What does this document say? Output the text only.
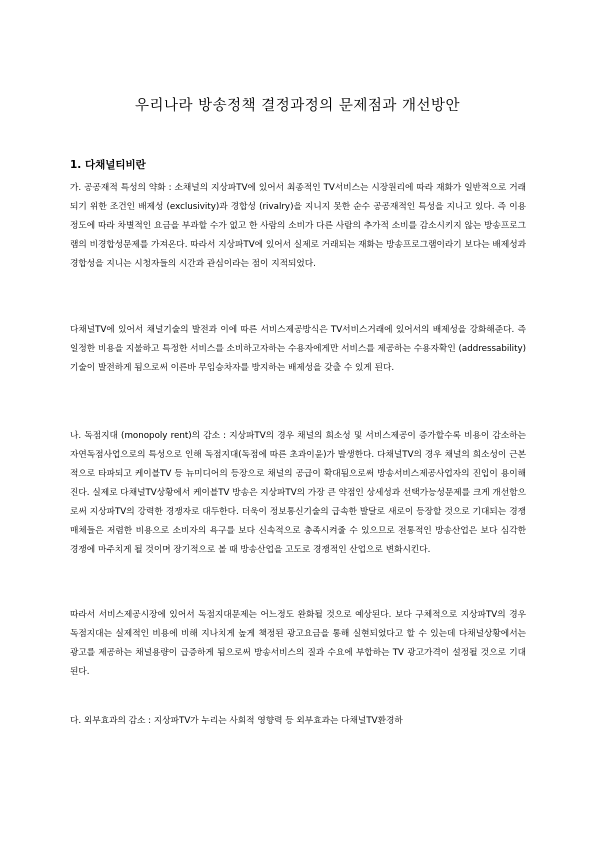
우리나라 방송정책 결정과정의 문제점과 개선방안
1. 다채널티비란

가. 공공재적 특성의 약화 : 소채널의 지상파TV에 있어서 최종적인 TV서비스는 시장원리에 따라 재화가 일반적으로 거래되기 위한 조건인 배제성 (exclusivity)과 경합성 (rivalry)을 지니지 못한 순수 공공재적인 특성을 지니고 있다. 즉 이용정도에 따라 차별적인 요금을 부과할 수가 없고 한 사람의 소비가 다른 사람의 추가적 소비를 감소시키지 않는 방송프로그램의 비경합성문제를 가져온다. 따라서 지상파TV에 있어서 실제로 거래되는 재화는 방송프로그램이라기 보다는 배제성과 경합성을 지니는 시청자들의 시간과 관심이라는 점이 지적되었다.

다채널TV에 있어서 채널기술의 발전과 이에 따른 서비스제공방식은 TV서비스거래에 있어서의 배제성을 강화해준다. 즉 일정한 비용을 지불하고 특정한 서비스를 소비하고자하는 수용자에게만 서비스를 제공하는 수용자확인 (addressability)기술이 발전하게 됨으로써 이른바 무임승차자를 방지하는 배제성을 갖출 수 있게 된다.

나. 독점지대 (monopoly rent)의 감소 : 지상파TV의 경우 채널의 희소성 및 서비스제공이 증가할수록 비용이 감소하는 자연독점사업으로의 특성으로 인해 독점지대(독점에 따른 초과이윤)가 발생한다. 다채널TV의 경우 채널의 희소성이 근본적으로 타파되고 케이블TV 등 뉴미디어의 등장으로 채널의 공급이 확대됨으로써 방송서비스제공사업자의 진입이 용이해진다. 실제로 다채널TV상황에서 케이블TV 방송은 지상파TV의 가장 큰 약점인 상세성과 선택가능성문제를 크게 개선함으로써 지상파TV의 강력한 경쟁자로 대두한다. 더욱이 정보통신기술의 급속한 발달로 새로이 등장할 것으로 기대되는 경쟁매체들은 저렴한 비용으로 소비자의 욕구를 보다 신속적으로 충족시켜줄 수 있으므로 전통적인 방송산업은 보다 심각한 경쟁에 마주치게 될 것이며 장기적으로 볼 때 방송산업을 고도로 경쟁적인 산업으로 변화시킨다.

따라서 서비스제공시장에 있어서 독점지대문제는 어느정도 완화될 것으로 예상된다. 보다 구체적으로 지상파TV의 경우 독점지대는 실제적인 비용에 비해 지나치게 높게 책정된 광고요금을 통해 실현되었다고 할 수 있는데 다채널상황에서는 광고를 제공하는 채널용량이 급증하게 됨으로써 방송서비스의 질과 수요에 부합하는 TV 광고가격이 설정될 것으로 기대된다.

다. 외부효과의 감소 : 지상파TV가 누리는 사회적 영향력 등 외부효과는 다채널TV환경하
